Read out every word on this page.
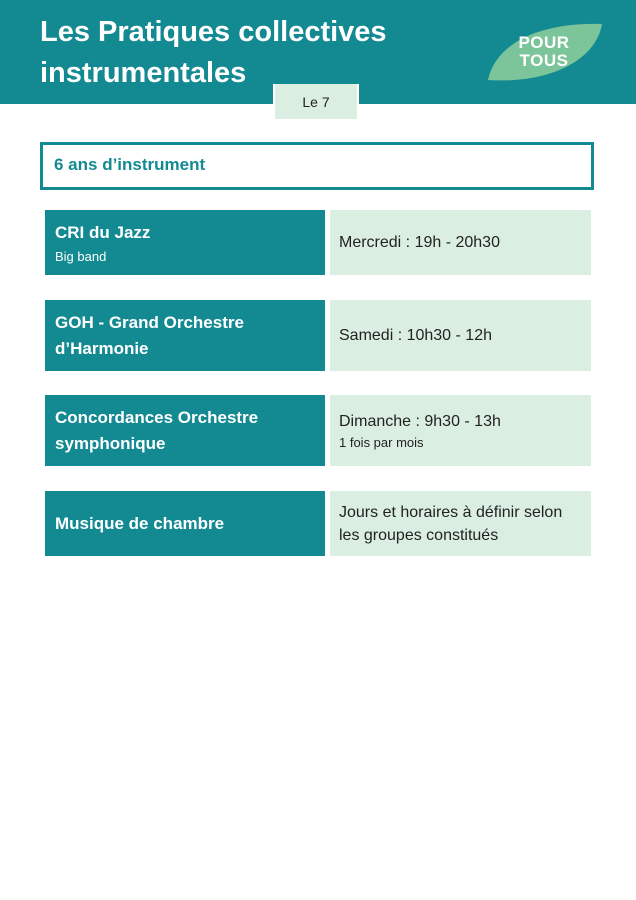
Les Pratiques collectives instrumentales
POUR TOUS
Le 7
6 ans d’instrument
CRI du Jazz
Big band
Mercredi : 19h - 20h30
GOH - Grand Orchestre d’Harmonie
Samedi : 10h30 - 12h
Concordances Orchestre symphonique
Dimanche : 9h30 - 13h
1 fois par mois
Musique de chambre
Jours et horaires à définir selon les groupes constitués
